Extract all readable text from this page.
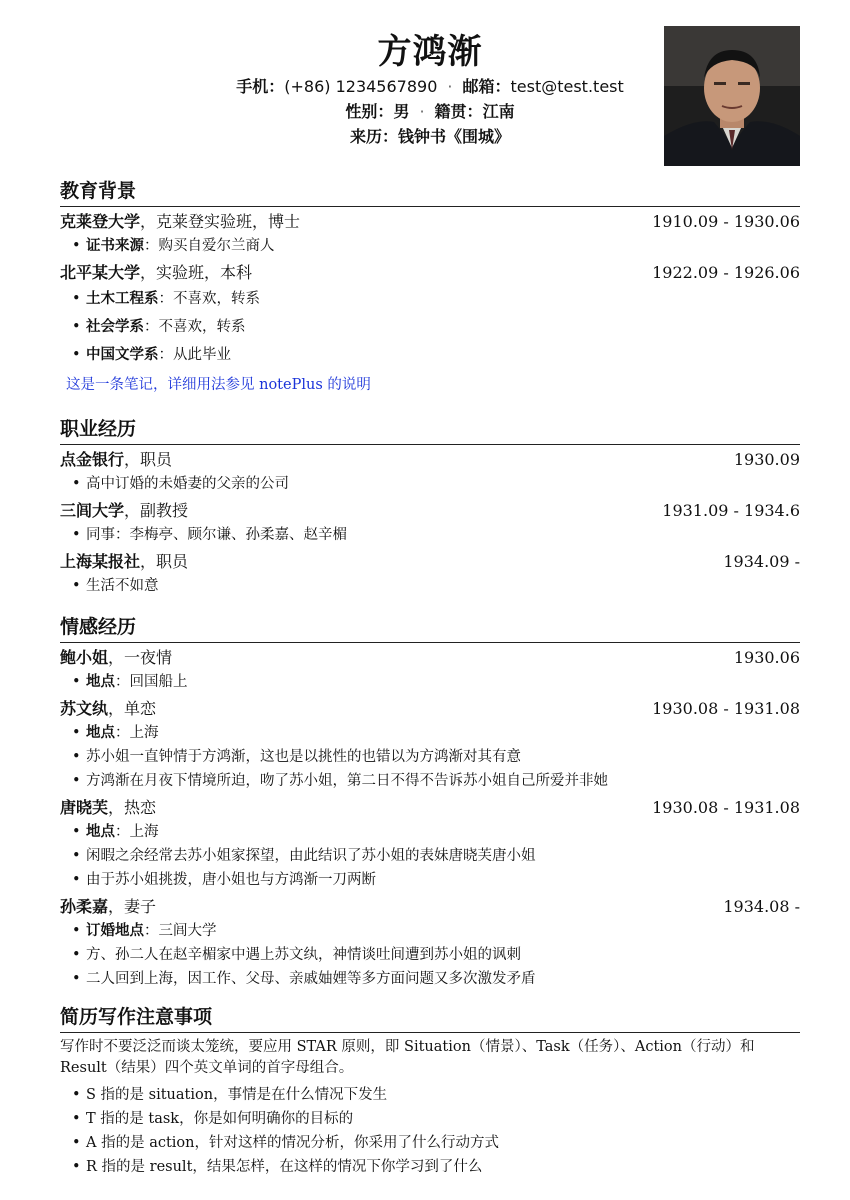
方鸿渐
手机：(+86) 1234567890 · 邮箱：test@test.test
性别：男 · 籍贯：江南
来历：钱钟书《围城》
教育背景
克莱登大学，克莱登实验班，博士	1910.09 - 1930.06
• 证书来源：购买自爱尔兰商人
北平某大学，实验班，本科	1922.09 - 1926.06
• 土木工程系：不喜欢，转系
• 社会学系：不喜欢，转系
• 中国文学系：从此毕业
这是一条笔记，详细用法参见 notePlus 的说明
职业经历
点金银行，职员	1930.09
• 高中订婚的未婚妻的父亲的公司
三闾大学，副教授	1931.09 - 1934.6
• 同事：李梅亭、顾尔谦、孙柔嘉、赵辛楣
上海某报社，职员	1934.09 -
• 生活不如意
情感经历
鲍小姐，一夜情	1930.06
• 地点：回国船上
苏文纨，单恋	1930.08 - 1931.08
• 地点：上海
• 苏小姐一直钟情于方鸿渐，这也是以挑性的也错以为方鸿渐对其有意
• 方鸿渐在月夜下情境所迫，吻了苏小姐，第二日不得不告诉苏小姐自己所爱并非她
唐晓芙，热恋	1930.08 - 1931.08
• 地点：上海
• 闲暇之余经常去苏小姐家探望，由此结识了苏小姐的表妹唐晓芙唐小姐
• 由于苏小姐挑拨，唐小姐也与方鸿渐一刀两断
孙柔嘉，妻子	1934.08 -
• 订婚地点：三闾大学
• 方、孙二人在赵辛楣家中遇上苏文纨，神情谈吐间遭到苏小姐的讽刺
• 二人回到上海，因工作、父母、亲戚妯娌等多方面问题又多次激发矛盾
简历写作注意事项
写作时不要泛泛而谈太笼统，要应用 STAR 原则，即 Situation（情景）、Task（任务）、Action（行动）和 Result（结果）四个英文单词的首字母组合。
• S 指的是 situation，事情是在什么情况下发生
• T 指的是 task，你是如何明确你的目标的
• A 指的是 action，针对这样的情况分析，你采用了什么行动方式
• R 指的是 result，结果怎样，在这样的情况下你学习到了什么
